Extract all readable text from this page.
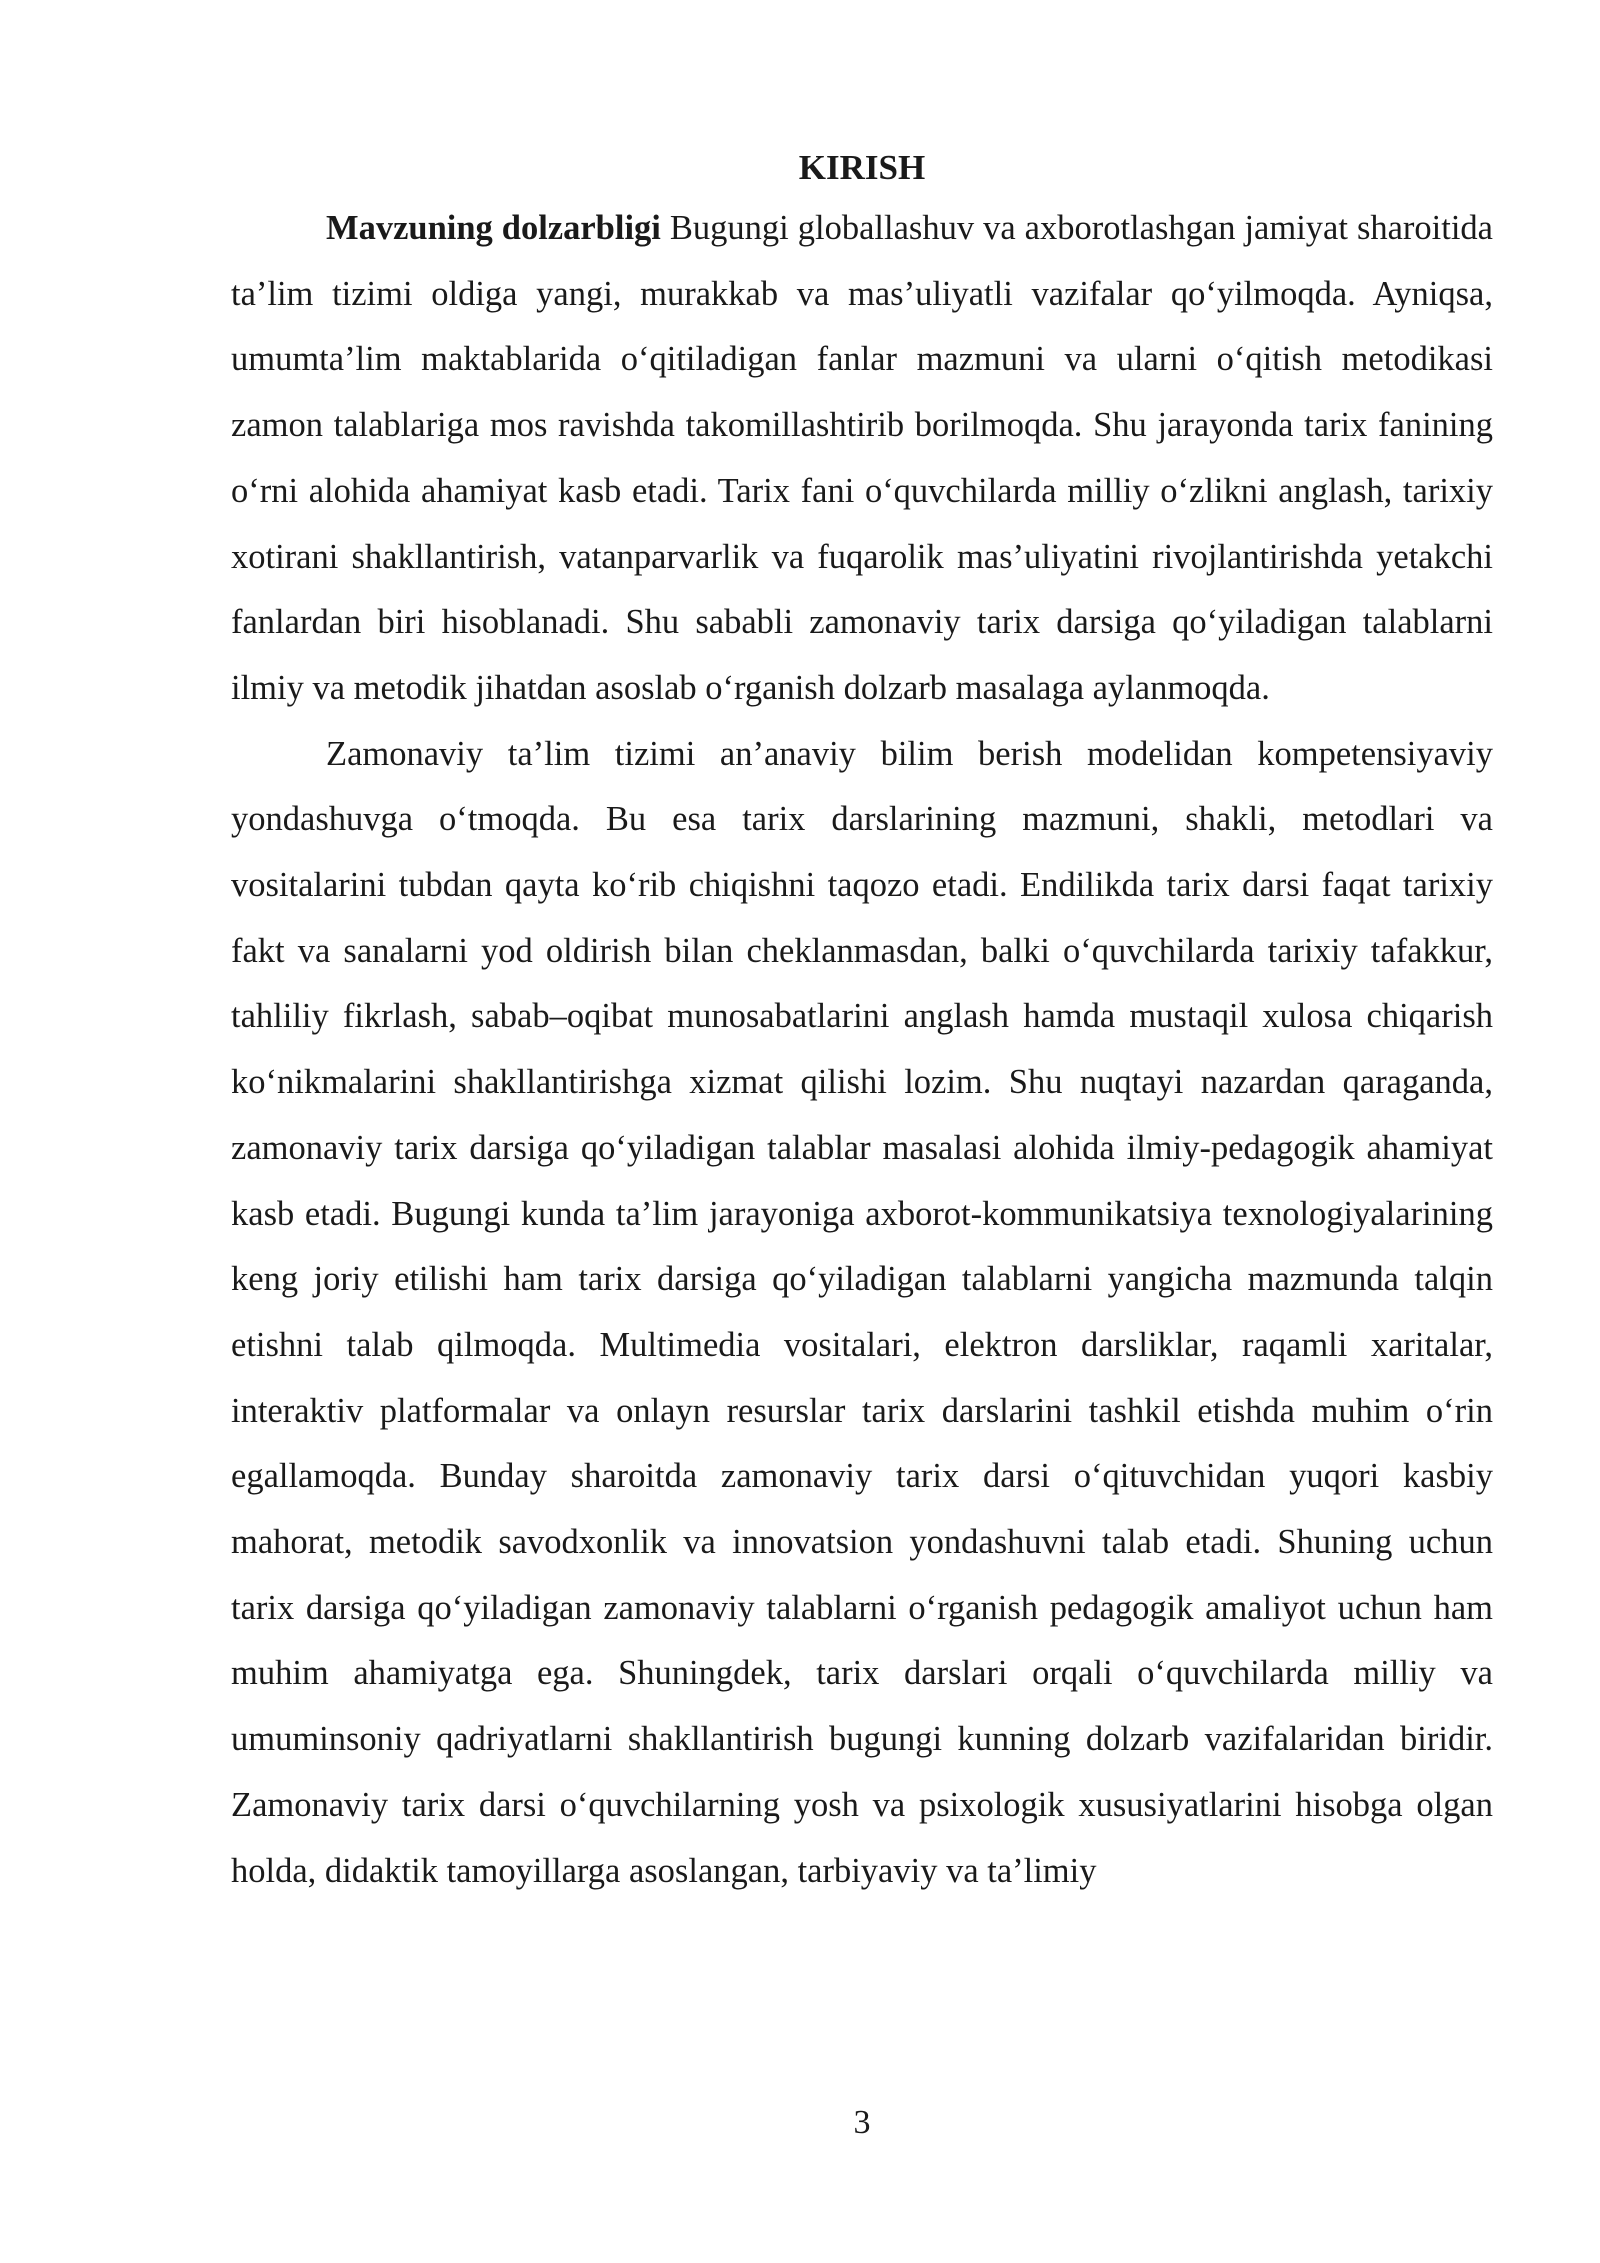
KIRISH

Mavzuning dolzarbligi Bugungi globallashuv va axborotlashgan jamiyat sharoitida ta’lim tizimi oldiga yangi, murakkab va mas’uliyatli vazifalar qo‘yilmoqda. Ayniqsa, umumta’lim maktablarida o‘qitiladigan fanlar mazmuni va ularni o‘qitish metodikasi zamon talablariga mos ravishda takomillashtirib borilmoqda. Shu jarayonda tarix fanining o‘rni alohida ahamiyat kasb etadi. Tarix fani o‘quvchilarda milliy o‘zlikni anglash, tarixiy xotirani shakllantirish, vatanparvarlik va fuqarolik mas’uliyatini rivojlantirishda yetakchi fanlardan biri hisoblanadi. Shu sababli zamonaviy tarix darsiga qo‘yiladigan talablarni ilmiy va metodik jihatdan asoslab o‘rganish dolzarb masalaga aylanmoqda.

Zamonaviy ta’lim tizimi an’anaviy bilim berish modelidan kompetensiyaviy yondashuvga o‘tmoqda. Bu esa tarix darslarining mazmuni, shakli, metodlari va vositalarini tubdan qayta ko‘rib chiqishni taqozo etadi. Endilikda tarix darsi faqat tarixiy fakt va sanalarni yod oldirish bilan cheklanmasdan, balki o‘quvchilarda tarixiy tafakkur, tahliliy fikrlash, sabab–oqibat munosabatlarini anglash hamda mustaqil xulosa chiqarish ko‘nikmalarini shakllantirishga xizmat qilishi lozim. Shu nuqtayi nazardan qaraganda, zamonaviy tarix darsiga qo‘yiladigan talablar masalasi alohida ilmiy-pedagogik ahamiyat kasb etadi. Bugungi kunda ta’lim jarayoniga axborot-kommunikatsiya texnologiyalarining keng joriy etilishi ham tarix darsiga qo‘yiladigan talablarni yangicha mazmunda talqin etishni talab qilmoqda. Multimedia vositalari, elektron darsliklar, raqamli xaritalar, interaktiv platformalar va onlayn resurslar tarix darslarini tashkil etishda muhim o‘rin egallamoqda. Bunday sharoitda zamonaviy tarix darsi o‘qituvchidan yuqori kasbiy mahorat, metodik savodxonlik va innovatsion yondashuvni talab etadi. Shuning uchun tarix darsiga qo‘yiladigan zamonaviy talablarni o‘rganish pedagogik amaliyot uchun ham muhim ahamiyatga ega. Shuningdek, tarix darslari orqali o‘quvchilarda milliy va umuminsoniy qadriyatlarni shakllantirish bugungi kunning dolzarb vazifalaridan biridir. Zamonaviy tarix darsi o‘quvchilarning yosh va psixologik xususiyatlarini hisobga olgan holda, didaktik tamoyillarga asoslangan, tarbiyaviy va ta’limiy

3
